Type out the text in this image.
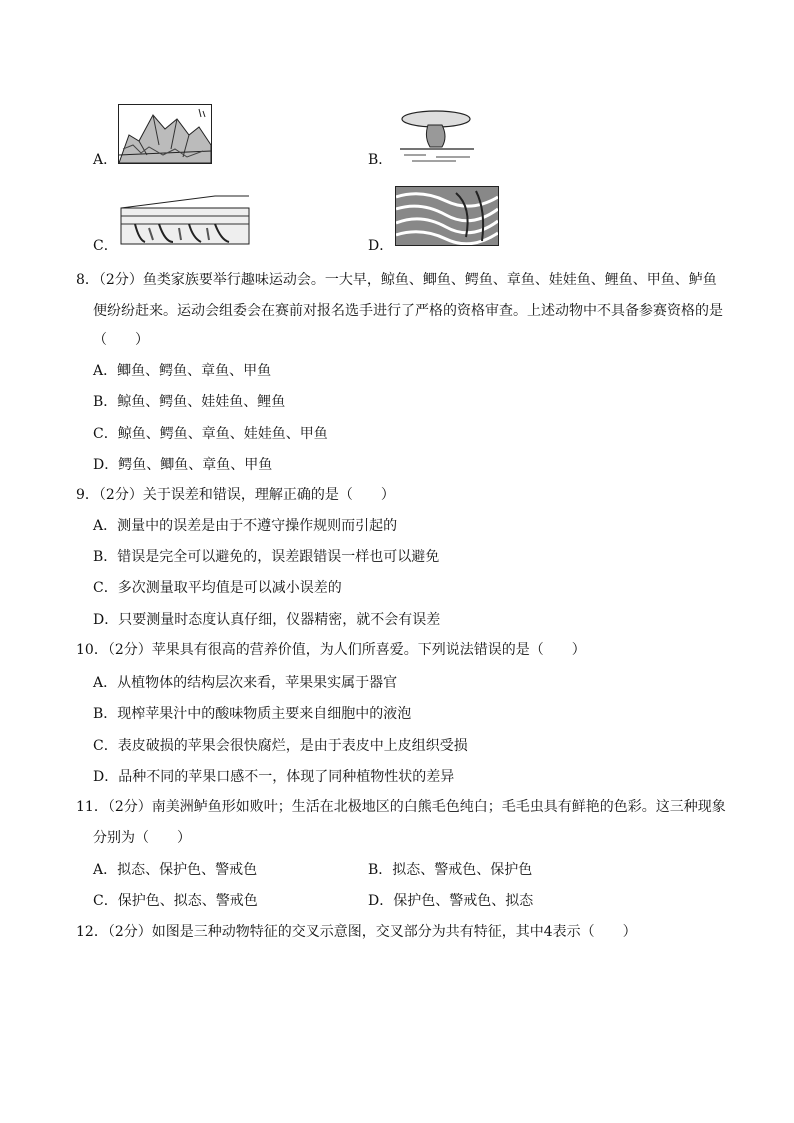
A．	B．
C．	D．
8．（2分）鱼类家族要举行趣味运动会。一大早，鲸鱼、鲫鱼、鳄鱼、章鱼、娃娃鱼、鲤鱼、甲鱼、鲈鱼
便纷纷赶来。运动会组委会在赛前对报名选手进行了严格的资格审查。上述动物中不具备参赛资格的是
（　　）
A．鲫鱼、鳄鱼、章鱼、甲鱼
B．鲸鱼、鳄鱼、娃娃鱼、鲤鱼
C．鲸鱼、鳄鱼、章鱼、娃娃鱼、甲鱼
D．鳄鱼、鲫鱼、章鱼、甲鱼
9．（2分）关于误差和错误，理解正确的是（　　）
A．测量中的误差是由于不遵守操作规则而引起的
B．错误是完全可以避免的，误差跟错误一样也可以避免
C．多次测量取平均值是可以减小误差的
D．只要测量时态度认真仔细，仪器精密，就不会有误差
10．（2分）苹果具有很高的营养价值，为人们所喜爱。下列说法错误的是（　　）
A．从植物体的结构层次来看，苹果果实属于器官
B．现榨苹果汁中的酸味物质主要来自细胞中的液泡
C．表皮破损的苹果会很快腐烂，是由于表皮中上皮组织受损
D．品种不同的苹果口感不一，体现了同种植物性状的差异
11．（2分）南美洲鲈鱼形如败叶；生活在北极地区的白熊毛色纯白；毛毛虫具有鲜艳的色彩。这三种现象
分别为（　　）
A．拟态、保护色、警戒色	B．拟态、警戒色、保护色
C．保护色、拟态、警戒色	D．保护色、警戒色、拟态
12．（2分）如图是三种动物特征的交叉示意图，交叉部分为共有特征，其中4表示（　　）
